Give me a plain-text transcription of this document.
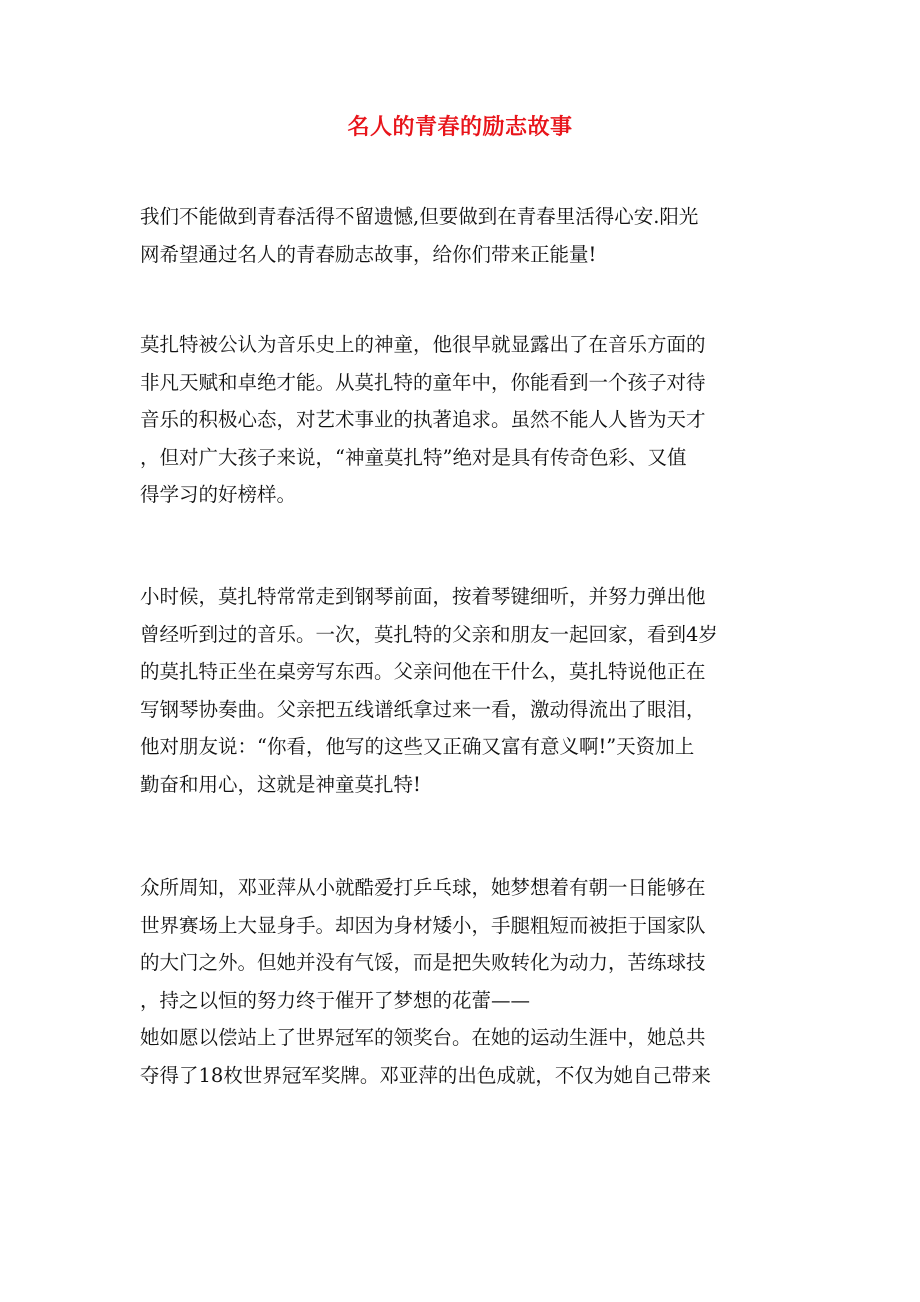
名人的青春的励志故事
我们不能做到青春活得不留遗憾,但要做到在青春里活得心安.阳光
网希望通过名人的青春励志故事，给你们带来正能量!
莫扎特被公认为音乐史上的神童，他很早就显露出了在音乐方面的
非凡天赋和卓绝才能。从莫扎特的童年中，你能看到一个孩子对待
音乐的积极心态，对艺术事业的执著追求。虽然不能人人皆为天才
，但对广大孩子来说，“神童莫扎特”绝对是具有传奇色彩、又值
得学习的好榜样。
小时候，莫扎特常常走到钢琴前面，按着琴键细听，并努力弹出他
曾经听到过的音乐。一次，莫扎特的父亲和朋友一起回家，看到4岁
的莫扎特正坐在桌旁写东西。父亲问他在干什么，莫扎特说他正在
写钢琴协奏曲。父亲把五线谱纸拿过来一看，激动得流出了眼泪，
他对朋友说：“你看，他写的这些又正确又富有意义啊!”天资加上
勤奋和用心，这就是神童莫扎特!
众所周知，邓亚萍从小就酷爱打乒乓球，她梦想着有朝一日能够在
世界赛场上大显身手。却因为身材矮小，手腿粗短而被拒于国家队
的大门之外。但她并没有气馁，而是把失败转化为动力，苦练球技
，持之以恒的努力终于催开了梦想的花蕾——
她如愿以偿站上了世界冠军的领奖台。在她的运动生涯中，她总共
夺得了18枚世界冠军奖牌。邓亚萍的出色成就，不仅为她自己带来
